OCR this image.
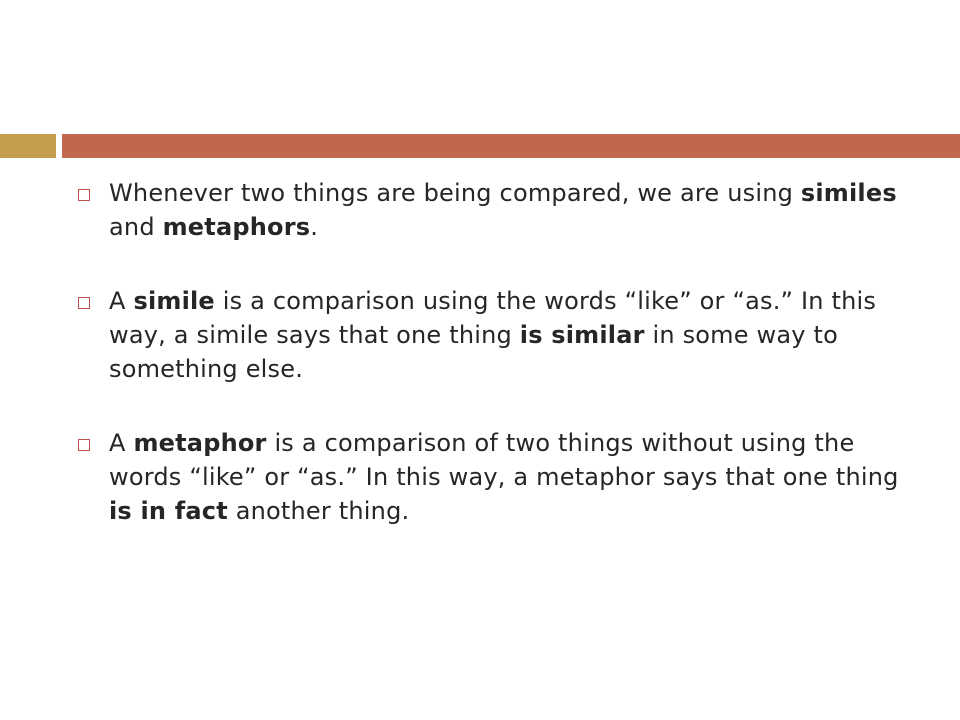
Whenever two things are being compared, we are using similes and metaphors.
A simile is a comparison using the words “like” or “as.” In this way, a simile says that one thing is similar in some way to something else.
A metaphor is a comparison of two things without using the words “like” or “as.” In this way, a metaphor says that one thing is in fact another thing.
